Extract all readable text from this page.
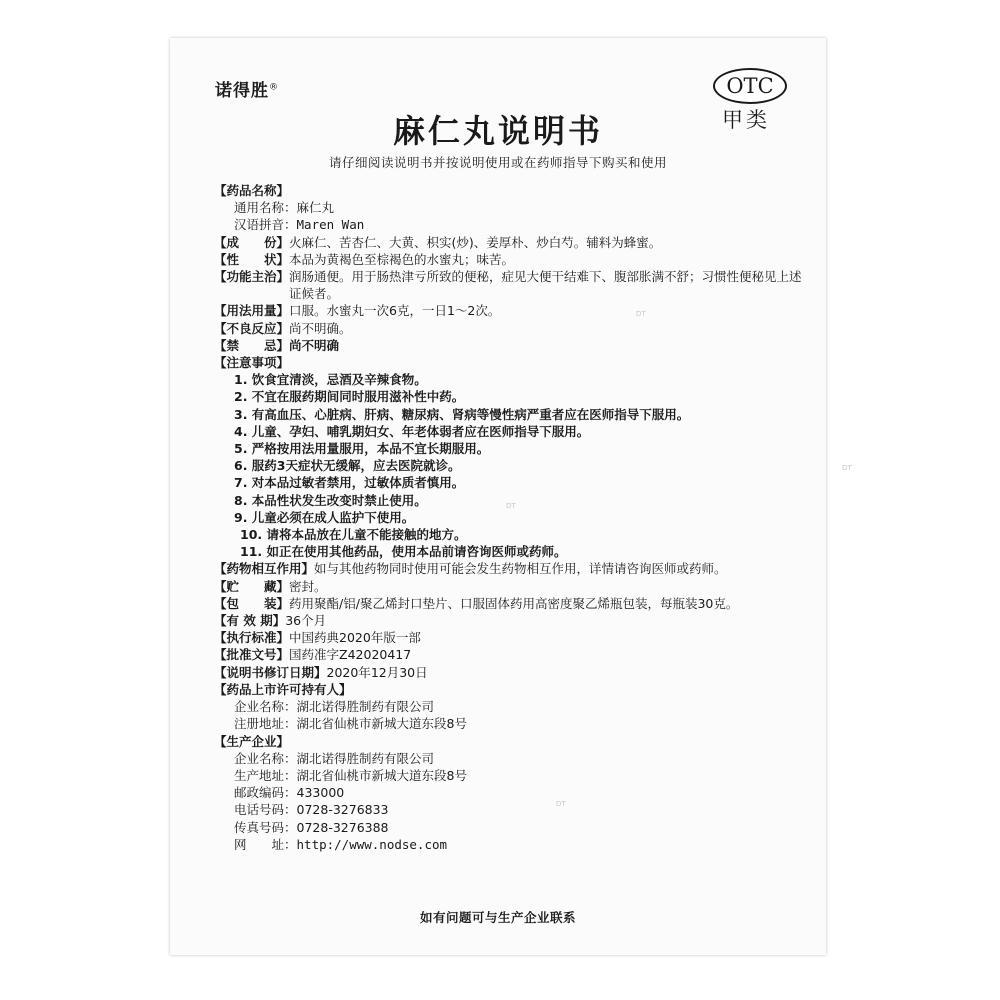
诺得胜®	OTC
甲类
麻仁丸说明书
请仔细阅读说明书并按说明使用或在药师指导下购买和使用
【药品名称】
通用名称：麻仁丸
汉语拼音：Maren Wan
【成　　份】 火麻仁、苦杏仁、大黄、枳实(炒)、姜厚朴、炒白芍。辅料为蜂蜜。
【性　　状】 本品为黄褐色至棕褐色的水蜜丸；味苦。
【功能主治】 润肠通便。用于肠热津亏所致的便秘，症见大便干结难下、腹部胀满不舒；习惯性便秘见上述证候者。
【用法用量】 口服。水蜜丸一次6克，一日1～2次。
【不良反应】 尚不明确。
【禁　　忌】 尚不明确
【注意事项】
1. 饮食宜清淡，忌酒及辛辣食物。
2. 不宜在服药期间同时服用滋补性中药。
3. 有高血压、心脏病、肝病、糖尿病、肾病等慢性病严重者应在医师指导下服用。
4. 儿童、孕妇、哺乳期妇女、年老体弱者应在医师指导下服用。
5. 严格按用法用量服用，本品不宜长期服用。
6. 服药3天症状无缓解，应去医院就诊。
7. 对本品过敏者禁用，过敏体质者慎用。
8. 本品性状发生改变时禁止使用。
9. 儿童必须在成人监护下使用。
10. 请将本品放在儿童不能接触的地方。
11. 如正在使用其他药品，使用本品前请咨询医师或药师。
【药物相互作用】 如与其他药物同时使用可能会发生药物相互作用，详情请咨询医师或药师。
【贮　　藏】 密封。
【包　　装】 药用聚酯/铝/聚乙烯封口垫片、口服固体药用高密度聚乙烯瓶包装，每瓶装30克。
【有 效 期】 36个月
【执行标准】 中国药典2020年版一部
【批准文号】 国药准字Z42020417
【说明书修订日期】 2020年12月30日
【药品上市许可持有人】
企业名称：湖北诺得胜制药有限公司
注册地址：湖北省仙桃市新城大道东段8号
【生产企业】
企业名称：湖北诺得胜制药有限公司
生产地址：湖北省仙桃市新城大道东段8号
邮政编码：433000
电话号码：0728-3276833
传真号码：0728-3276388
网　　址：http://www.nodse.com
如有问题可与生产企业联系
DT
DT
DT
DT
